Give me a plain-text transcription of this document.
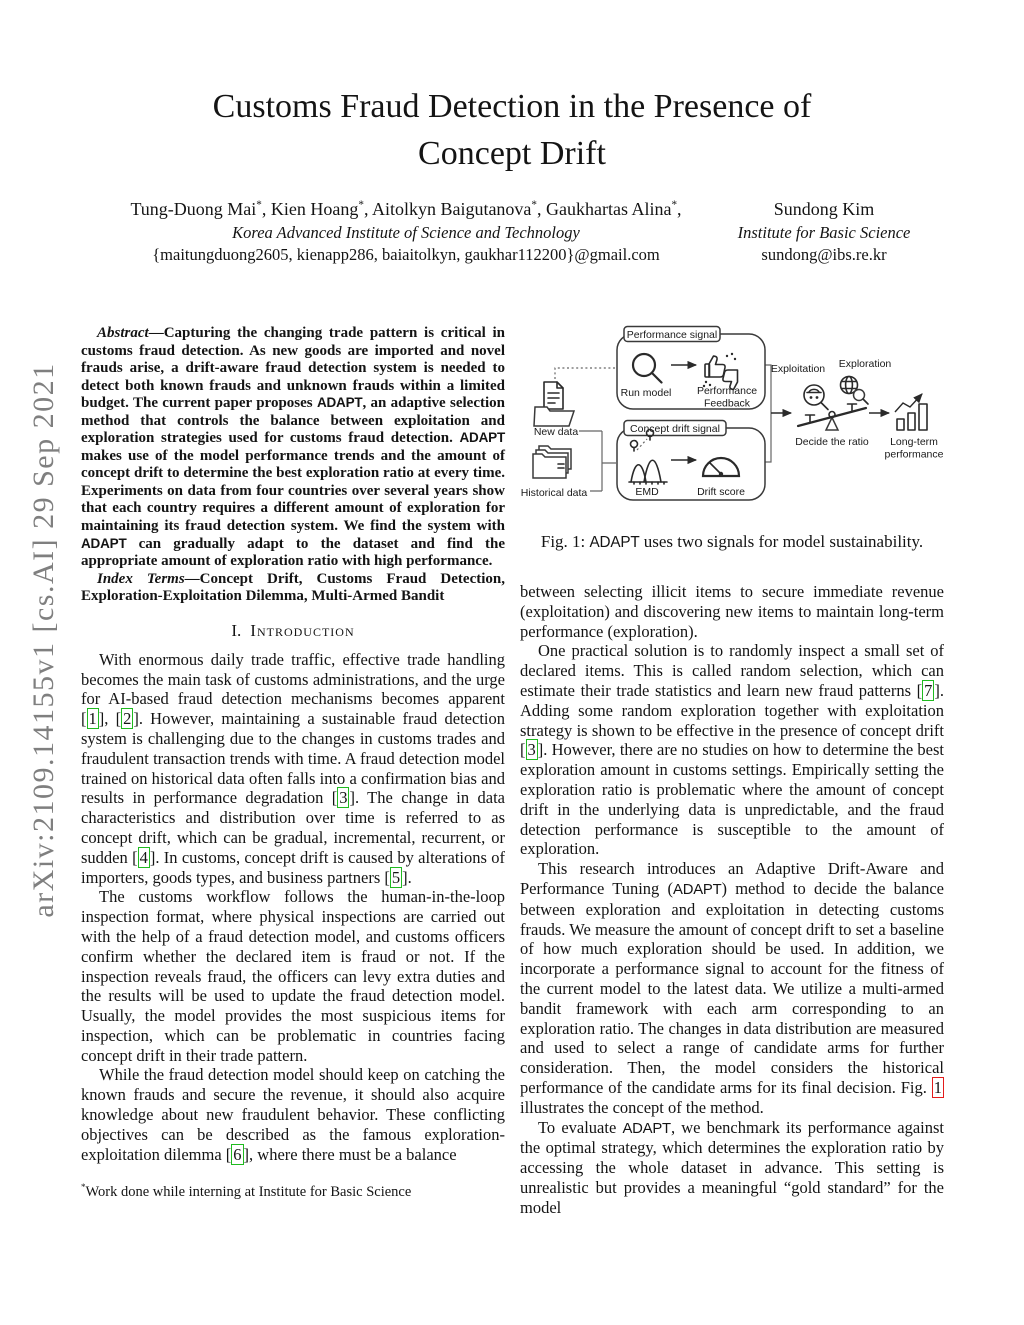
arXiv:2109.14155v1 [cs.AI] 29 Sep 2021
Customs Fraud Detection in the Presence of
Concept Drift
Tung-Duong Mai*, Kien Hoang*, Aitolkyn Baigutanova*, Gaukhartas Alina*,
Korea Advanced Institute of Science and Technology
{maitungduong2605, kienapp286, baiaitolkyn, gaukhar112200}@gmail.com
Sundong Kim
Institute for Basic Science
sundong@ibs.re.kr

Abstract—Capturing the changing trade pattern is critical in customs fraud detection. As new goods are imported and novel frauds arise, a drift-aware fraud detection system is needed to detect both known frauds and unknown frauds within a limited budget. The current paper proposes ADAPT, an adaptive selection method that controls the balance between exploitation and exploration strategies used for customs fraud detection. ADAPT makes use of the model performance trends and the amount of concept drift to determine the best exploration ratio at every time. Experiments on data from four countries over several years show that each country requires a different amount of exploration for maintaining its fraud detection system. We find the system with ADAPT can gradually adapt to the dataset and find the appropriate amount of exploration ratio with high performance.

Index Terms—Concept Drift, Customs Fraud Detection, Exploration-Exploitation Dilemma, Multi-Armed Bandit

I. Introduction

With enormous daily trade traffic, effective trade handling becomes the main task of customs administrations, and the urge for AI-based fraud detection mechanisms becomes apparent [ 1 ], [ 2 ]. However, maintaining a sustainable fraud detection system is challenging due to the changes in customs trades and fraudulent transaction trends with time. A fraud detection model trained on historical data often falls into a confirmation bias and results in performance degradation [ 3 ]. The change in data characteristics and distribution over time is referred to as concept drift, which can be gradual, incremental, recurrent, or sudden [ 4 ]. In customs, concept drift is caused by alterations of importers, goods types, and business partners [ 5 ].

The customs workflow follows the human-in-the-loop inspection format, where physical inspections are carried out with the help of a fraud detection model, and customs officers confirm whether the declared item is fraud or not. If the inspection reveals fraud, the officers can levy extra duties and the results will be used to update the fraud detection model. Usually, the model provides the most suspicious items for inspection, which can be problematic in countries facing concept drift in their trade pattern.

While the fraud detection model should keep on catching the known frauds and secure the revenue, it should also acquire knowledge about new fraudulent behavior. These conflicting objectives can be described as the famous exploration-exploitation dilemma [ 6 ], where there must be a balance

*Work done while interning at Institute for Basic Science
New data
Historical data
Performance signal
Run model Performance
Feedback
Concept drift signal
EMD	Drift score
Exploitation Exploration
Decide the ratio Long-term
performance
Fig. 1: ADAPT uses two signals for model sustainability.

between selecting illicit items to secure immediate revenue (exploitation) and discovering new items to maintain long-term performance (exploration).

One practical solution is to randomly inspect a small set of declared items. This is called random selection, which can estimate their trade statistics and learn new fraud patterns [ 7 ]. Adding some random exploration together with exploitation strategy is shown to be effective in the presence of concept drift [ 3 ]. However, there are no studies on how to determine the best exploration amount in customs settings. Empirically setting the exploration ratio is problematic where the amount of concept drift in the underlying data is unpredictable, and the fraud detection performance is susceptible to the amount of exploration.

This research introduces an Adaptive Drift-Aware and Performance Tuning (ADAPT) method to decide the balance between exploration and exploitation in detecting customs frauds. We measure the amount of concept drift to set a baseline of how much exploration should be used. In addition, we incorporate a performance signal to account for the fitness of the current model to the latest data. We utilize a multi-armed bandit framework with each arm corresponding to an exploration ratio. The changes in data distribution are measured and used to select a range of candidate arms for further consideration. Then, the model considers the historical performance of the candidate arms for its final decision. Fig. 1 illustrates the concept of the method.

To evaluate ADAPT, we benchmark its performance against the optimal strategy, which determines the exploration ratio by accessing the whole dataset in advance. This setting is unrealistic but provides a meaningful “gold standard” for the model
